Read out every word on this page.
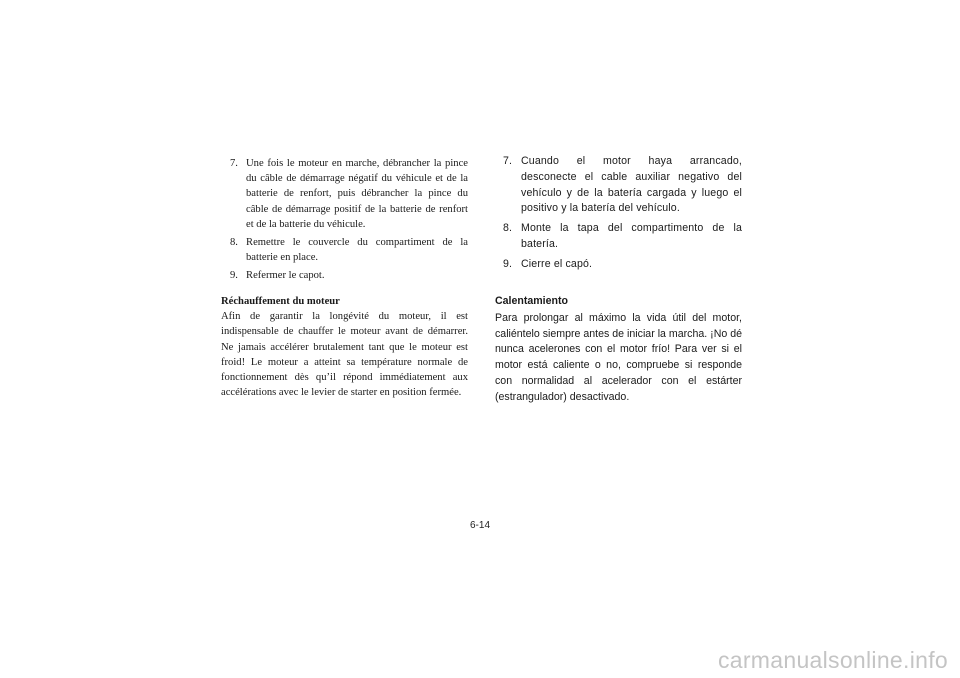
7. Une fois le moteur en marche, débrancher la pince du câble de démarrage négatif du véhicule et de la batterie de renfort, puis débrancher la pince du câble de démarrage positif de la batterie de renfort et de la batterie du véhicule.
8. Remettre le couvercle du compartiment de la batterie en place.
9. Refermer le capot.

Réchauffement du moteur

Afin de garantir la longévité du moteur, il est indispensable de chauffer le moteur avant de démarrer. Ne jamais accélérer brutalement tant que le moteur est froid! Le moteur a atteint sa température normale de fonctionnement dès qu’il répond immédiatement aux accélérations avec le levier de starter en position fermée.

7. Cuando el motor haya arrancado, desconecte el cable auxiliar negativo del vehículo y de la batería cargada y luego el positivo y la batería del vehículo.
8. Monte la tapa del compartimento de la batería.
9. Cierre el capó.

Calentamiento

Para prolongar al máximo la vida útil del motor, caliéntelo siempre antes de iniciar la marcha. ¡No dé nunca acelerones con el motor frío! Para ver si el motor está caliente o no, compruebe si responde con normalidad al acelerador con el estárter (estrangulador) desactivado.

6-14
carmanualsonline.info
